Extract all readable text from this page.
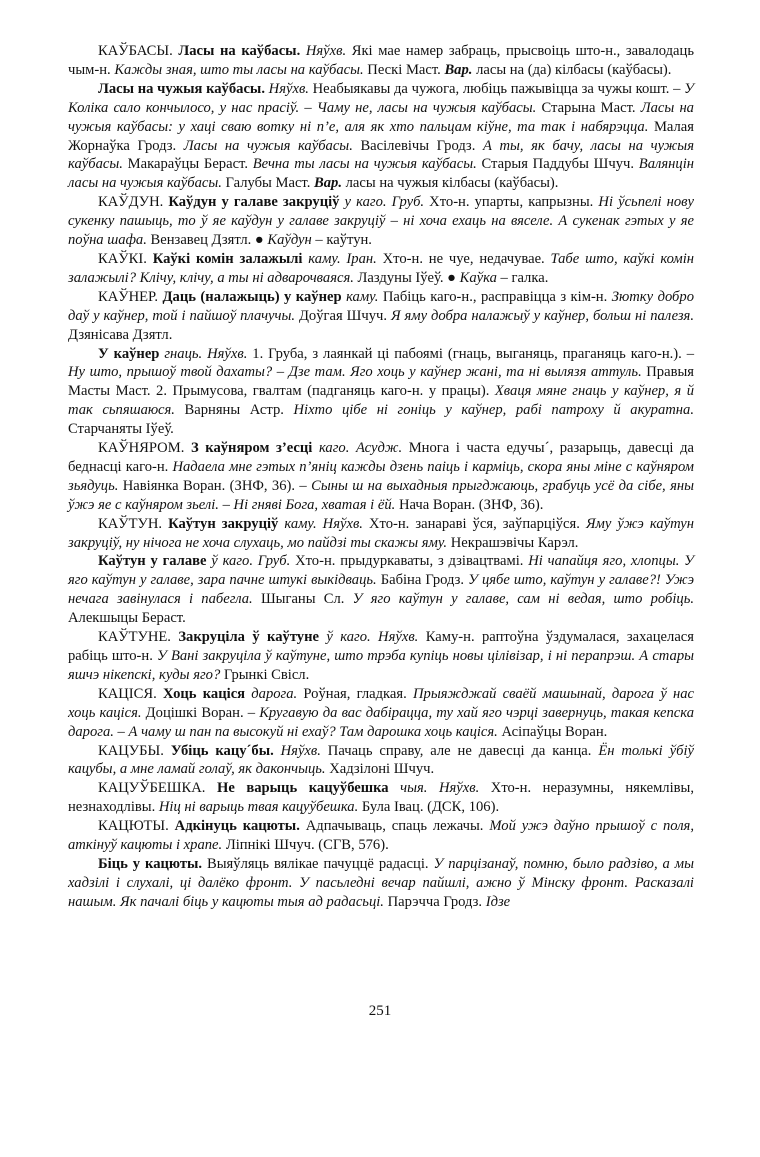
КАЎБАСЫ. Ласы на каўбасы. Няўхв. Які мае намер забраць, прысвоіць што-н., завалодаць чым-н. Кажды зная, што ты ласы на каўбасы. Пескі Маст. Вар. ласы на (да) кілбасы (каўбасы).

Ласы на чужыя каўбасы. Няўхв. Неабыякавы да чужога, любіць пажывіцца за чужы кошт. – У Коліка сало кончылосо, у нас прасіў. – Чаму не, ласы на чужыя каўбасы. Старына Маст. Ласы на чужыя каўбасы: у хаці сваю вотку ні п’е, аля як хто пальцам кіўне, та так і набярэцца. Малая Жорнаўка Гродз. Ласы на чужыя каўбасы. Васілевічы Гродз. А ты, як бачу, ласы на чужыя каўбасы. Макараўцы Бераст. Вечна ты ласы на чужыя каўбасы. Старыя Паддубы Шчуч. Валянцін ласы на чужыя каўбасы. Галубы Маст. Вар. ласы на чужыя кілбасы (каўбасы).

КАЎДУН. Каўдун у галаве закруціў у каго. Груб. Хто-н. упарты, капрызны. Ні ўсьпелі нову сукенку пашыць, то ў яе каўдун у галаве закруціў – ні хоча ехаць на вяселе. А сукенак гэтых у яе поўна шафа. Вензавец Дзятл. ● Каўдун – каўтун.

КАЎКІ. Каўкі комін залажылі каму. Іран. Хто-н. не чуе, недачувае. Табе што, каўкі комін залажылі? Клічу, клічу, а ты ні адварочваяся. Лаздуны Іўеў. ● Каўка – галка.

КАЎНЕР. Даць (налажыць) у каўнер каму. Пабіць каго-н., расправіцца з кім-н. Зютку добро даў у каўнер, той і пайшоў плачучы. Доўгая Шчуч. Я яму добра налажыў у каўнер, больш ні палезя. Дзянісава Дзятл.

У каўнер гнаць. Няўхв. 1. Груба, з лаянкай ці пабоямі (гнаць, выганяць, праганяць каго-н.). – Ну што, прышоў твой дахаты? – Дзе там. Яго хоць у каўнер жані, та ні вылязя аттуль. Правыя Масты Маст. 2. Прымусова, гвалтам (падганяць каго-н. у працы). Хваця мяне гнаць у каўнер, я й так сьпяшаюся. Варняны Астр. Ніхто цібе ні гоніць у каўнер, рабі патроху й акуратна. Старчаняты Іўеў.

КАЎНЯРОМ. З каўняром з’есці каго. Асудж. Многа і часта едучы´, разарыць, давесці да беднасці каго-н. Надаела мне гэтых п’яніц кажды дзень паіць і карміць, скора яны міне с каўняром зьядуць. Навіянка Воран. (ЗНФ, 36). – Сыны ш на выхадныя прыгджаюць, грабуць усё да сібе, яны ўжэ яе с каўняром зьелі. – Ні гняві Бога, хватая і ёй. Нача Воран. (ЗНФ, 36).

КАЎТУН. Каўтун закруціў каму. Няўхв. Хто-н. занараві ўся, заўпарціўся. Яму ўжэ каўтун закруціў, ну нічога не хоча слухаць, мо пайдзі ты скажы яму. Некрашэвічы Карэл.

Каўтун у галаве ў каго. Груб. Хто-н. прыдуркаваты, з дзівацтвамі. Ні чапайця яго, хлопцы. У яго каўтун у галаве, зара пачне штукі выкідваць. Бабіна Гродз. У цябе што, каўтун у галаве?! Ужэ нечага завінулася і пабегла. Шыганы Сл. У яго каўтун у галаве, сам ні ведая, што робіць. Алекшыцы Бераст.

КАЎТУНЕ. Закруціла ў каўтуне ў каго. Няўхв. Каму-н. раптоўна ўздумалася, захацелася рабіць што-н. У Вані закруціла ў каўтуне, што трэба купіць новы цілівізар, і ні перапрэш. А стары яшчэ нікепскі, куды яго? Грынкі Свісл.

КАЦІСЯ. Хоць каціся дарога. Роўная, гладкая. Прыяжджай сваёй машынай, дарога ў нас хоць каціся. Доцішкі Воран. – Кругавую да вас дабірацца, ту хай яго чэрці завернуць, такая кепска дарога. – А чаму ш пан па высокуй ні ехаў? Там дарошка хоць каціся. Асіпаўцы Воран.

КАЦУБЫ. Убіць кацу´бы. Няўхв. Пачаць справу, але не давесці да канца. Ён толькі ўбіў кацубы, а мне ламай голаў, як дакончыць. Хадзілоні Шчуч.

КАЦУЎБЕШКА. Не варыць кацуўбешка чыя. Няўхв. Хто-н. неразумны, някемлівы, незнаходлівы. Ніц ні варыць твая кацуўбешка. Була Івац. (ДСК, 106).

КАЦЮТЫ. Адкінуць кацюты. Адпачываць, спаць лежачы. Мой ужэ даўно прышоў с поля, аткінуў кацюты і храпе. Ліпнікі Шчуч. (СГВ, 576).

Біць у кацюты. Выяўляць вялікае пачуццё радасці. У парцізанаў, помню, было радзіво, а мы хадзілі і слухалі, ці далёко фронт. У пасьледні вечар пайшлі, ажно ў Мінску фронт. Расказалі нашым. Як пачалі біць у кацюты тыя ад радасьці. Парэчча Гродз. Ідзе

251
